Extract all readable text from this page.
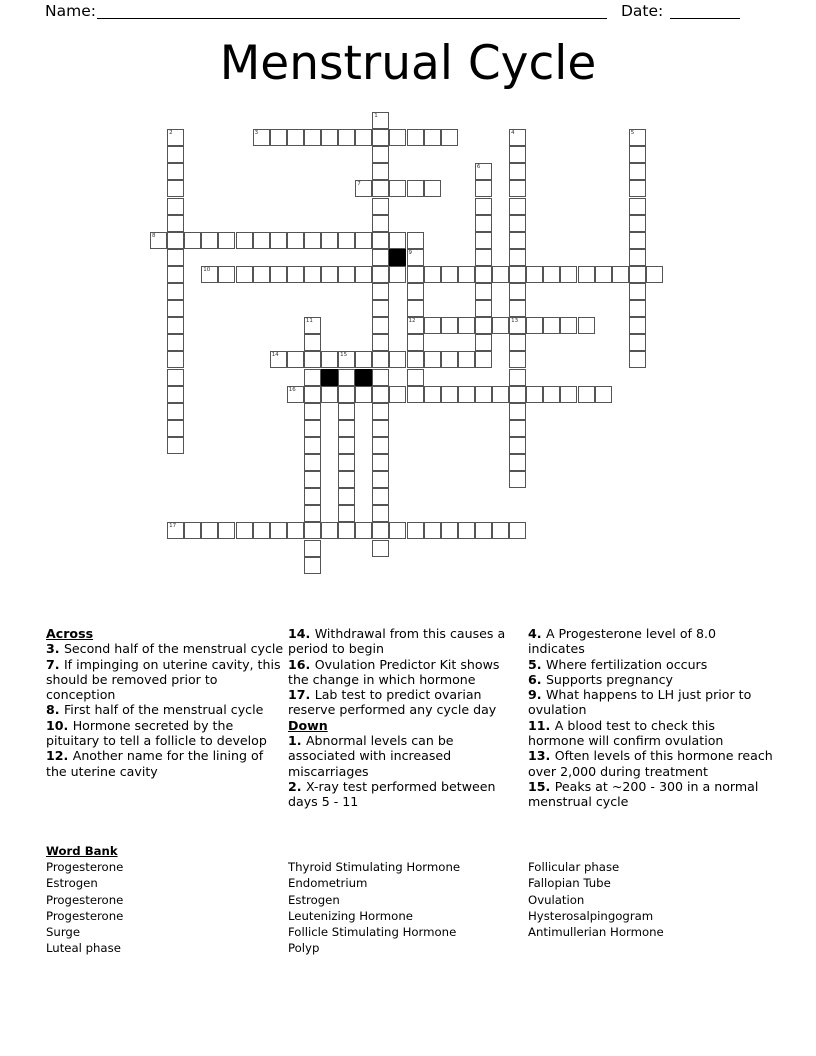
Name:	Date:
Menstrual Cycle
1
2	3	4
13
5
6
7
8
9
12
10
11
14	15
16
17
Across
3. Second half of the menstrual cycle
7. If impinging on uterine cavity, this should be removed prior to conception
8. First half of the menstrual cycle
10. Hormone secreted by the pituitary to tell a follicle to develop
12. Another name for the lining of the uterine cavity
14. Withdrawal from this causes a period to begin
16. Ovulation Predictor Kit shows the change in which hormone
17. Lab test to predict ovarian reserve performed any cycle day
Down
1. Abnormal levels can be associated with increased miscarriages
2. X-ray test performed between days 5 - 11
4. A Progesterone level of 8.0 indicates
5. Where fertilization occurs
6. Supports pregnancy
9. What happens to LH just prior to ovulation
11. A blood test to check this hormone will confirm ovulation
13. Often levels of this hormone reach over 2,000 during treatment
15. Peaks at ~200 - 300 in a normal menstrual cycle
Word Bank
Progesterone
Estrogen
Progesterone
Progesterone
Surge
Luteal phase

Thyroid Stimulating Hormone
Endometrium
Estrogen
Leutenizing Hormone
Follicle Stimulating Hormone
Polyp

Follicular phase
Fallopian Tube
Ovulation
Hysterosalpingogram
Antimullerian Hormone
